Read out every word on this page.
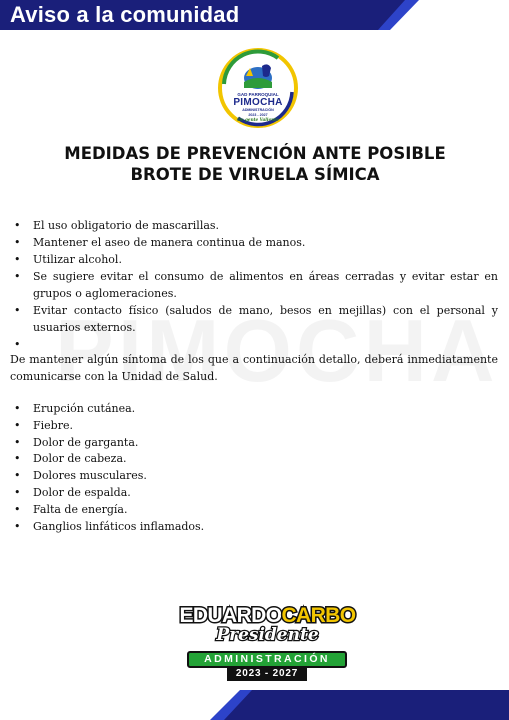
Aviso a la comunidad
GAD PARROQUIAL
PIMOCHA
ADMINISTRACIÓN
2023 - 2027
De gente Valiente
MEDIDAS DE PREVENCIÓN ANTE POSIBLE
BROTE DE VIRUELA SÍMICA
• El uso obligatorio de mascarillas.
• Mantener el aseo de manera continua de manos.
• Utilizar alcohol.
• Se sugiere evitar el consumo de alimentos en áreas cerradas y evitar estar en grupos o aglomeraciones.
• Evitar contacto físico (saludos de mano, besos en mejillas) con el personal y usuarios externos.
•

De mantener algún síntoma de los que a continuación detallo, deberá inmediatamente comunicarse con la Unidad de Salud.

• Erupción cutánea.
• Fiebre.
• Dolor de garganta.
• Dolor de cabeza.
• Dolores musculares.
• Dolor de espalda.
• Falta de energía.
• Ganglios linfáticos inflamados.
EDUARDOCARBO
Presidente
ADMINISTRACIÓN
2023 - 2027
